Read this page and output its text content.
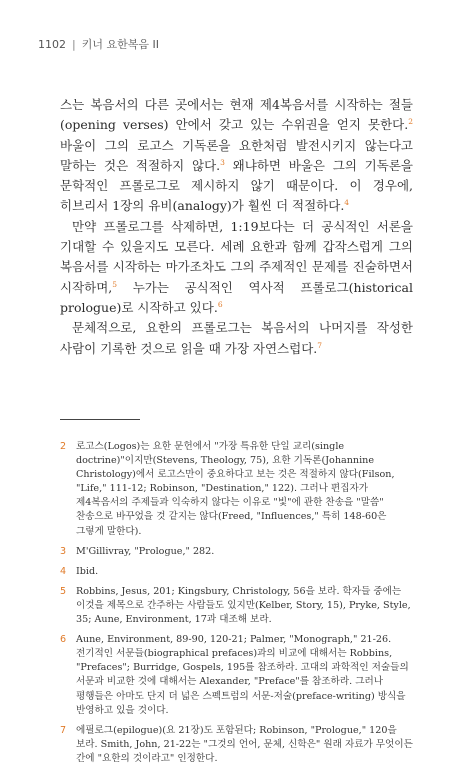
1102 | 키너 요한복음 II

스는 복음서의 다른 곳에서는 현재 제4복음서를 시작하는 절들(opening verses) 안에서 갖고 있는 수위권을 얻지 못한다.$^2$ 바울이 그의 로고스 기독론을 요한처럼 발전시키지 않는다고 말하는 것은 적절하지 않다.$^3$ 왜냐하면 바울은 그의 기독론을 문학적인 프롤로그로 제시하지 않기 때문이다. 이 경우에, 히브리서 1장의 유비(analogy)가 훨씬 더 적절하다.$^4$

만약 프롤로그를 삭제하면, 1:19보다는 더 공식적인 서론을 기대할 수 있을지도 모른다. 세례 요한과 함께 갑작스럽게 그의 복음서를 시작하는 마가조차도 그의 주제적인 문제를 진술하면서 시작하며,$^5$ 누가는 공식적인 역사적 프롤로그(historical prologue)로 시작하고 있다.$^6$

문체적으로, 요한의 프롤로그는 복음서의 나머지를 작성한 사람이 기록한 것으로 읽을 때 가장 자연스럽다.$^7$

2 로고스(Logos)는 요한 문헌에서 "가장 특유한 단일 교리(single doctrine)"이지만(Stevens, Theology, 75), 요한 기독론(Johannine Christology)에서 로고스만이 중요하다고 보는 것은 적절하지 않다(Filson, "Life," 111-12; Robinson, "Destination," 122). 그러나 편집자가 제4복음서의 주제들과 익숙하지 않다는 이유로 "빛"에 관한 찬송을 "말씀" 찬송으로 바꾸었을 것 같지는 않다(Freed, "Influences," 특히 148-60은 그렇게 말한다).
3 M'Gillivray, "Prologue," 282.
4 Ibid.
5 Robbins, Jesus, 201; Kingsbury, Christology, 56을 보라. 학자들 중에는 이것을 제목으로 간주하는 사람들도 있지만(Kelber, Story, 15), Pryke, Style, 35; Aune, Environment, 17과 대조해 보라.
6 Aune, Environment, 89-90, 120-21; Palmer, "Monograph," 21-26. 전기적인 서문들(biographical prefaces)과의 비교에 대해서는 Robbins, "Prefaces"; Burridge, Gospels, 195를 참조하라. 고대의 과학적인 저술들의 서문과 비교한 것에 대해서는 Alexander, "Preface"를 참조하라. 그러나 평행들은 아마도 단지 더 넓은 스펙트럼의 서문-저술(preface-writing) 방식을 반영하고 있을 것이다.
7 에필로그(epilogue)(요 21장)도 포함된다; Robinson, "Prologue," 120을 보라. Smith, John, 21-22는 "그것의 언어, 문체, 신학은" 원래 자료가 무엇이든 간에 "요한의 것이라고" 인정한다.
